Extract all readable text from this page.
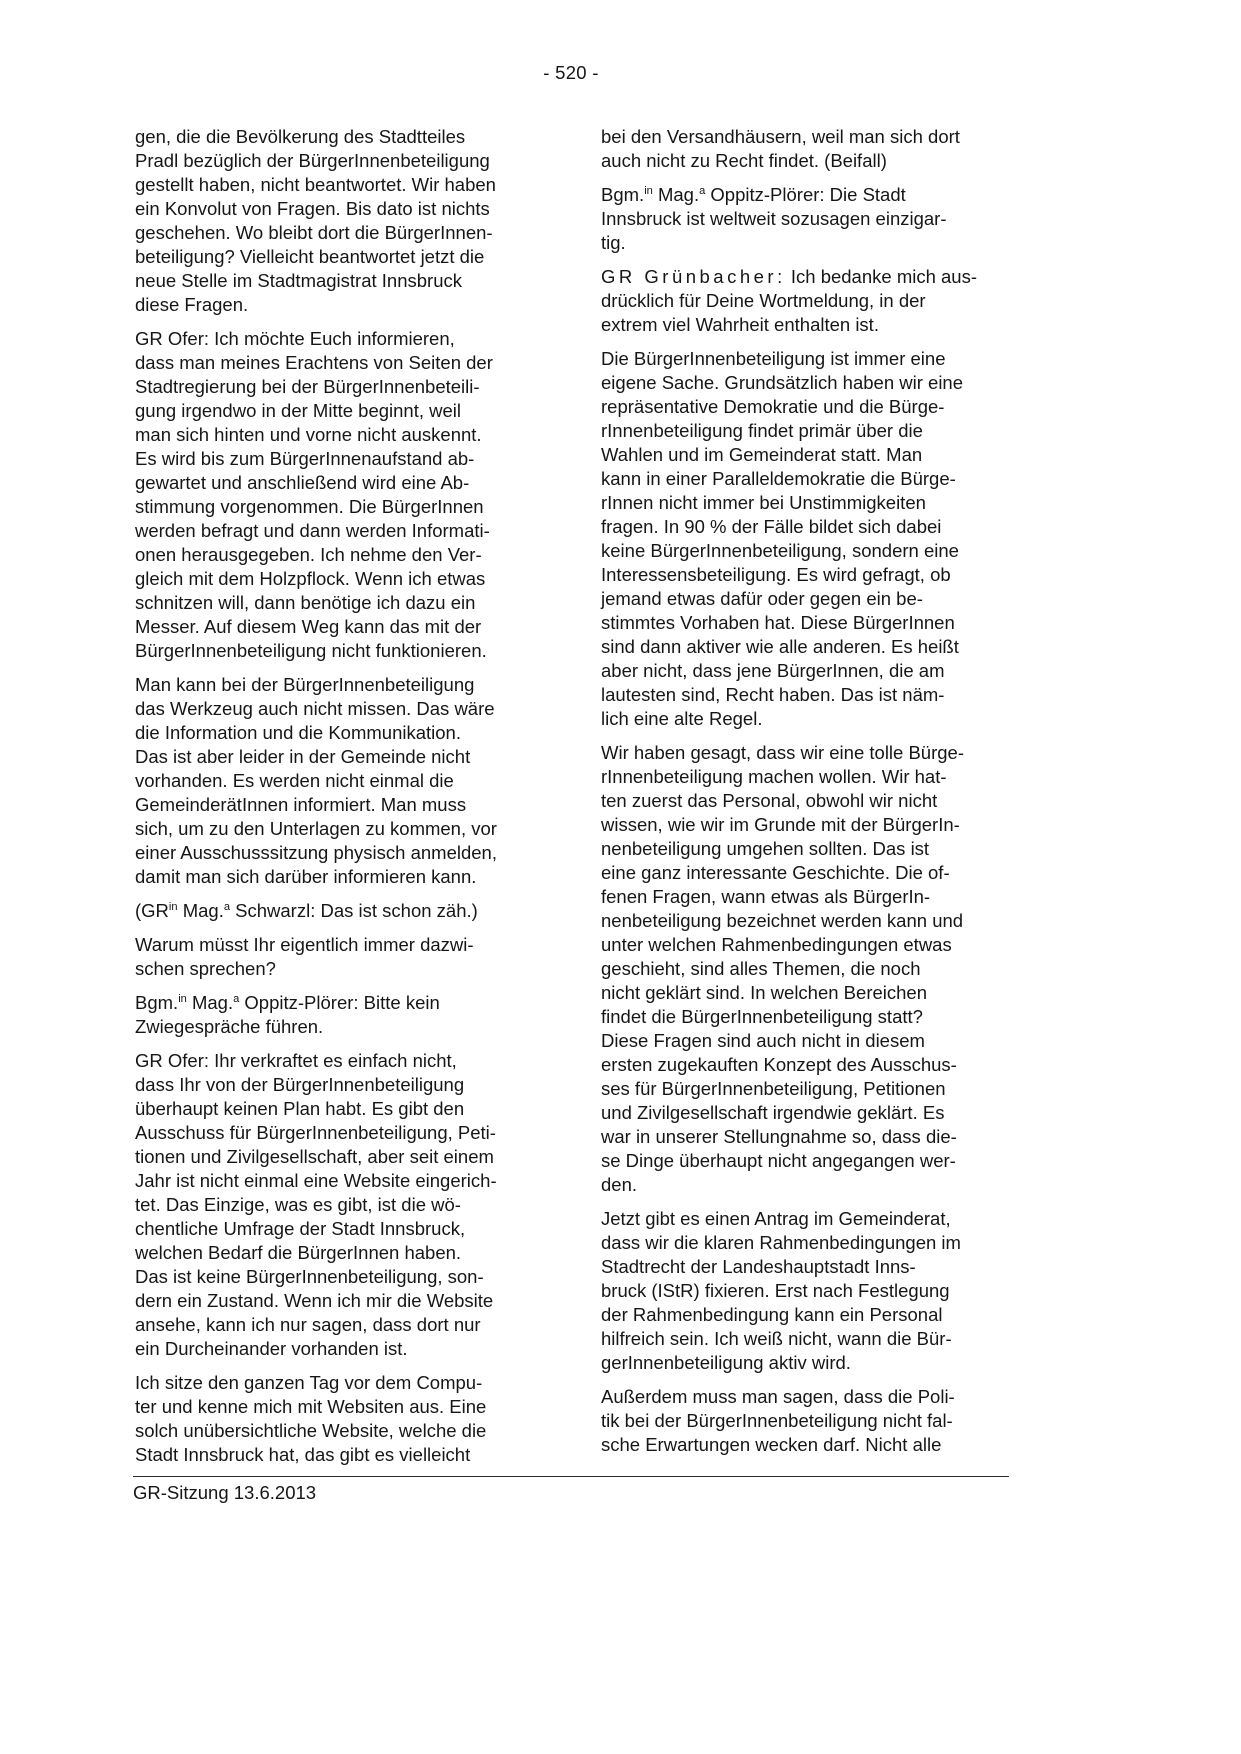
- 520 -

gen, die die Bevölkerung des Stadtteiles
Pradl bezüglich der BürgerInnenbeteiligung
gestellt haben, nicht beantwortet. Wir haben
ein Konvolut von Fragen. Bis dato ist nichts
geschehen. Wo bleibt dort die BürgerInnen-
beteiligung? Vielleicht beantwortet jetzt die
neue Stelle im Stadtmagistrat Innsbruck
diese Fragen.

GR Ofer: Ich möchte Euch informieren,
dass man meines Erachtens von Seiten der
Stadtregierung bei der BürgerInnenbeteili-
gung irgendwo in der Mitte beginnt, weil
man sich hinten und vorne nicht auskennt.
Es wird bis zum BürgerInnenaufstand ab-
gewartet und anschließend wird eine Ab-
stimmung vorgenommen. Die BürgerInnen
werden befragt und dann werden Informati-
onen herausgegeben. Ich nehme den Ver-
gleich mit dem Holzpflock. Wenn ich etwas
schnitzen will, dann benötige ich dazu ein
Messer. Auf diesem Weg kann das mit der
BürgerInnenbeteiligung nicht funktionieren.

Man kann bei der BürgerInnenbeteiligung
das Werkzeug auch nicht missen. Das wäre
die Information und die Kommunikation.
Das ist aber leider in der Gemeinde nicht
vorhanden. Es werden nicht einmal die
GemeinderätInnen informiert. Man muss
sich, um zu den Unterlagen zu kommen, vor
einer Ausschusssitzung physisch anmelden,
damit man sich darüber informieren kann.

($GR^{in}$ Mag.$^a$ Schwarzl: Das ist schon zäh.)

Warum müsst Ihr eigentlich immer dazwi-
schen sprechen?

Bgm.$^{in}$ Mag.$^a$ Oppitz-Plörer: Bitte kein
Zwiegespräche führen.

GR Ofer: Ihr verkraftet es einfach nicht,
dass Ihr von der BürgerInnenbeteiligung
überhaupt keinen Plan habt. Es gibt den
Ausschuss für BürgerInnenbeteiligung, Peti-
tionen und Zivilgesellschaft, aber seit einem
Jahr ist nicht einmal eine Website eingerich-
tet. Das Einzige, was es gibt, ist die wö-
chentliche Umfrage der Stadt Innsbruck,
welchen Bedarf die BürgerInnen haben.
Das ist keine BürgerInnenbeteiligung, son-
dern ein Zustand. Wenn ich mir die Website
ansehe, kann ich nur sagen, dass dort nur
ein Durcheinander vorhanden ist.

Ich sitze den ganzen Tag vor dem Compu-
ter und kenne mich mit Websiten aus. Eine
solch unübersichtliche Website, welche die
Stadt Innsbruck hat, das gibt es vielleicht

bei den Versandhäusern, weil man sich dort
auch nicht zu Recht findet. (Beifall)

Bgm.$^{in}$ Mag.$^a$ Oppitz-Plörer: Die Stadt
Innsbruck ist weltweit sozusagen einzigar-
tig.

GR Grünbacher: Ich bedanke mich aus-
drücklich für Deine Wortmeldung, in der
extrem viel Wahrheit enthalten ist.

Die BürgerInnenbeteiligung ist immer eine
eigene Sache. Grundsätzlich haben wir eine
repräsentative Demokratie und die Bürge-
rInnenbeteiligung findet primär über die
Wahlen und im Gemeinderat statt. Man
kann in einer Paralleldemokratie die Bürge-
rInnen nicht immer bei Unstimmigkeiten
fragen. In 90 % der Fälle bildet sich dabei
keine BürgerInnenbeteiligung, sondern eine
Interessensbeteiligung. Es wird gefragt, ob
jemand etwas dafür oder gegen ein be-
stimmtes Vorhaben hat. Diese BürgerInnen
sind dann aktiver wie alle anderen. Es heißt
aber nicht, dass jene BürgerInnen, die am
lautesten sind, Recht haben. Das ist näm-
lich eine alte Regel.

Wir haben gesagt, dass wir eine tolle Bürge-
rInnenbeteiligung machen wollen. Wir hat-
ten zuerst das Personal, obwohl wir nicht
wissen, wie wir im Grunde mit der BürgerIn-
nenbeteiligung umgehen sollten. Das ist
eine ganz interessante Geschichte. Die of-
fenen Fragen, wann etwas als BürgerIn-
nenbeteiligung bezeichnet werden kann und
unter welchen Rahmenbedingungen etwas
geschieht, sind alles Themen, die noch
nicht geklärt sind. In welchen Bereichen
findet die BürgerInnenbeteiligung statt?
Diese Fragen sind auch nicht in diesem
ersten zugekauften Konzept des Ausschus-
ses für BürgerInnenbeteiligung, Petitionen
und Zivilgesellschaft irgendwie geklärt. Es
war in unserer Stellungnahme so, dass die-
se Dinge überhaupt nicht angegangen wer-
den.

Jetzt gibt es einen Antrag im Gemeinderat,
dass wir die klaren Rahmenbedingungen im
Stadtrecht der Landeshauptstadt Inns-
bruck (IStR) fixieren. Erst nach Festlegung
der Rahmenbedingung kann ein Personal
hilfreich sein. Ich weiß nicht, wann die Bür-
gerInnenbeteiligung aktiv wird.

Außerdem muss man sagen, dass die Poli-
tik bei der BürgerInnenbeteiligung nicht fal-
sche Erwartungen wecken darf. Nicht alle

GR-Sitzung 13.6.2013
